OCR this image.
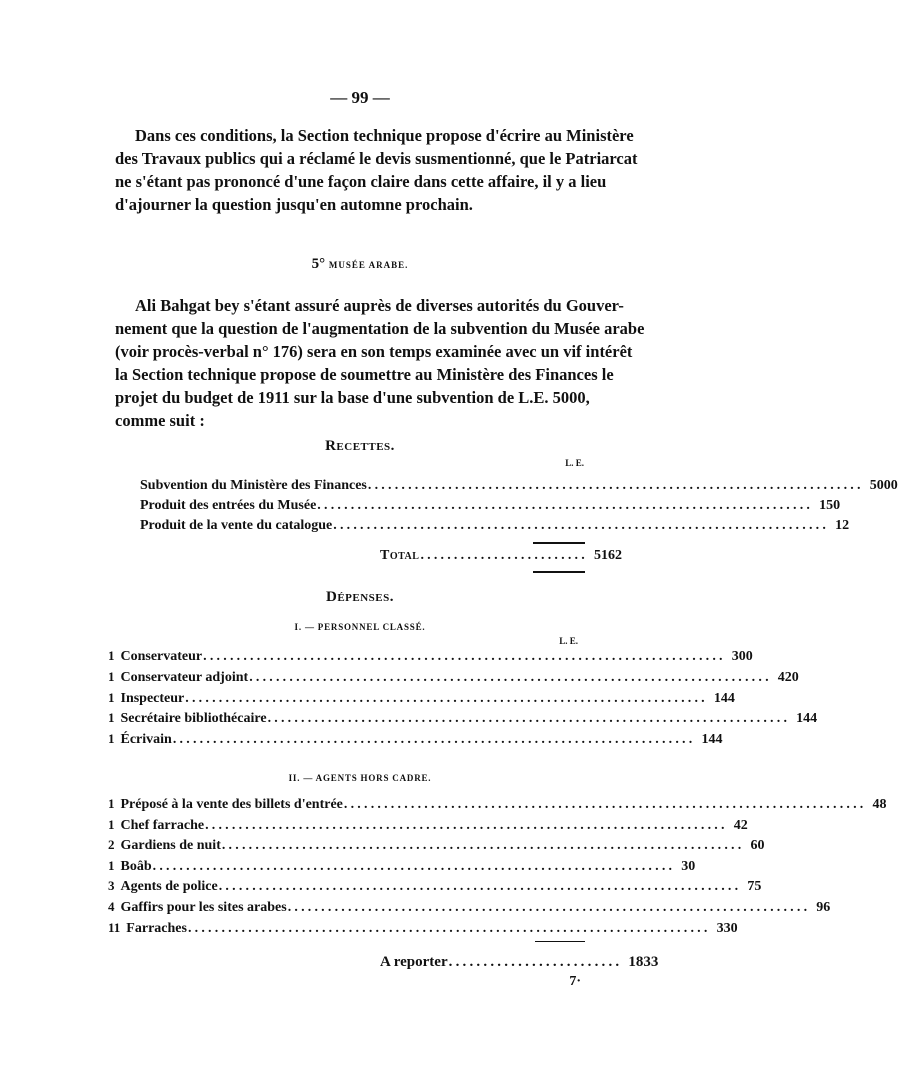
— 99 —
Dans ces conditions, la Section technique propose d'écrire au Ministère
des Travaux publics qui a réclamé le devis susmentionné, que le Patriarcat
ne s'étant pas prononcé d'une façon claire dans cette affaire, il y a lieu
d'ajourner la question jusqu'en automne prochain.
5° MUSÉE ARABE.
Ali Bahgat bey s'étant assuré auprès de diverses autorités du Gouver-
nement que la question de l'augmentation de la subvention du Musée arabe
(voir procès-verbal n° 176) sera en son temps examinée avec un vif intérêt
la Section technique propose de soumettre au Ministère des Finances le
projet du budget de 1911 sur la base d'une subvention de L.E. 5000,
comme suit :
Recettes.
L. E.
Subvention du Ministère des Finances .......................................................................... 5000
Produit des entrées du Musée .......................................................................... 150
Produit de la vente du catalogue .......................................................................... 12
Total ......................... 5162
Dépenses.
I. — PERSONNEL CLASSÉ.
L. E.
1 Conservateur .............................................................................. 300
1 Conservateur adjoint .............................................................................. 420
1 Inspecteur .............................................................................. 144
1 Secrétaire bibliothécaire .............................................................................. 144
1 Écrivain .............................................................................. 144
II. — AGENTS HORS CADRE.
1 Préposé à la vente des billets d'entrée .............................................................................. 48
1 Chef farrache .............................................................................. 42
2 Gardiens de nuit .............................................................................. 60
1 Boâb .............................................................................. 30
3 Agents de police .............................................................................. 75
4 Gaffirs pour les sites arabes .............................................................................. 96
11 Farraches .............................................................................. 330
A reporter ......................... 1833
7·
